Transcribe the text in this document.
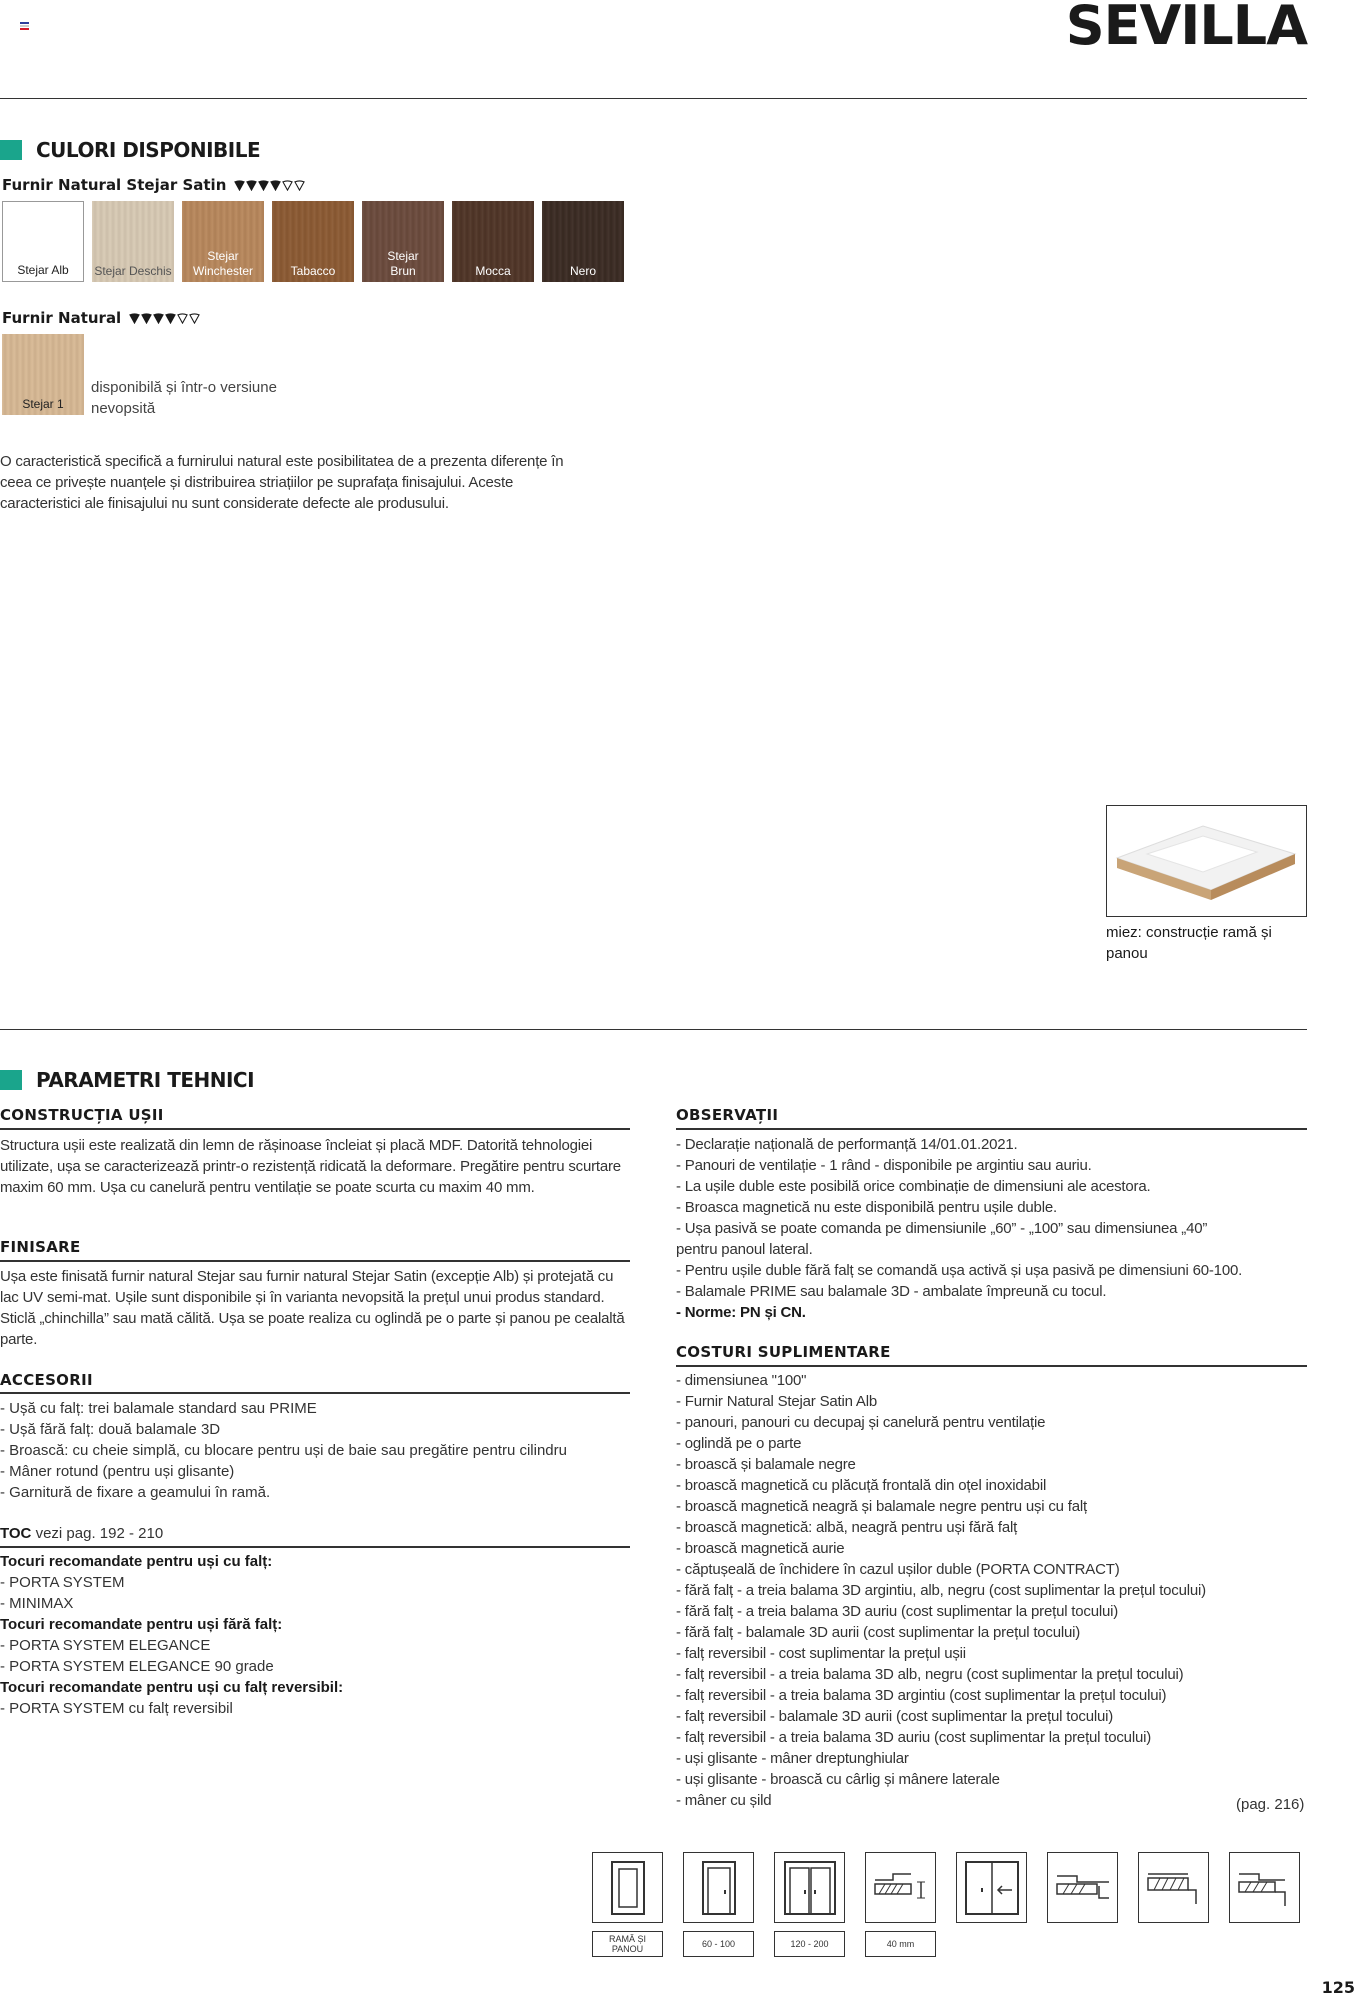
SEVILLA
CULORI DISPONIBILE
Furnir Natural Stejar Satin
Stejar Alb Stejar Deschis
Stejar Winchester	Tabacco
Stejar Brun	Mocca	Nero
Furnir Natural
Stejar 1
disponibilă și într-o versiune nevopsită
O caracteristică specifică a furnirului natural este posibilitatea de a prezenta diferențe în ceea ce privește nuanțele și distribuirea striațiilor pe suprafața finisajului. Aceste caracteristici ale finisajului nu sunt considerate defecte ale produsului.
miez: construcție ramă și panou
PARAMETRI TEHNICI
CONSTRUCȚIA UȘII
Structura ușii este realizată din lemn de rășinoase încleiat și placă MDF. Datorită tehnologiei utilizate, ușa se caracterizează printr-o rezistență ridicată la deformare. Pregătire pentru scurtare maxim 60 mm. Ușa cu canelură pentru ventilație se poate scurta cu maxim 40 mm.
FINISARE
Ușa este finisată furnir natural Stejar sau furnir natural Stejar Satin (excepție Alb) și protejată cu lac UV semi-mat. Ușile sunt disponibile și în varianta nevopsită la prețul unui produs standard. Sticlă „chinchilla” sau mată călită. Ușa se poate realiza cu oglindă pe o parte și panou pe cealaltă parte.
ACCESORII
- Ușă cu falț: trei balamale standard sau PRIME
- Ușă fără falț: două balamale 3D
- Broască: cu cheie simplă, cu blocare pentru uși de baie sau pregătire pentru cilindru
- Mâner rotund (pentru uși glisante)
- Garnitură de fixare a geamului în ramă.
TOC vezi pag. 192 - 210
Tocuri recomandate pentru uși cu falț:
- PORTA SYSTEM
- MINIMAX
Tocuri recomandate pentru uși fără falț:
- PORTA SYSTEM ELEGANCE
- PORTA SYSTEM ELEGANCE 90 grade
Tocuri recomandate pentru uși cu falț reversibil:
- PORTA SYSTEM cu falț reversibil
OBSERVAȚII
- Declarație națională de performanță 14/01.01.2021.
- Panouri de ventilație - 1 rând - disponibile pe argintiu sau auriu.
- La ușile duble este posibilă orice combinație de dimensiuni ale acestora.
- Broasca magnetică nu este disponibilă pentru ușile duble.
- Ușa pasivă se poate comanda pe dimensiunile „60” - „100” sau dimensiunea „40”
pentru panoul lateral.
- Pentru ușile duble fără falț se comandă ușa activă și ușa pasivă pe dimensiuni 60-100.
- Balamale PRIME sau balamale 3D - ambalate împreună cu tocul.
- Norme: PN și CN.
COSTURI SUPLIMENTARE
- dimensiunea "100"
- Furnir Natural Stejar Satin Alb
- panouri, panouri cu decupaj și canelură pentru ventilație
- oglindă pe o parte
- broască și balamale negre
- broască magnetică cu plăcuță frontală din oțel inoxidabil
- broască magnetică neagră și balamale negre pentru uși cu falț
- broască magnetică: albă, neagră pentru uși fără falț
- broască magnetică aurie
- căptușeală de închidere în cazul ușilor duble (PORTA CONTRACT)
- fără falț - a treia balama 3D argintiu, alb, negru (cost suplimentar la prețul tocului)
- fără falț - a treia balama 3D auriu (cost suplimentar la prețul tocului)
- fără falț - balamale 3D aurii (cost suplimentar la prețul tocului)
- falț reversibil - cost suplimentar la prețul ușii
- falț reversibil - a treia balama 3D alb, negru (cost suplimentar la prețul tocului)
- falț reversibil - a treia balama 3D argintiu (cost suplimentar la prețul tocului)
- falț reversibil - balamale 3D aurii (cost suplimentar la prețul tocului)
- falț reversibil - a treia balama 3D auriu (cost suplimentar la prețul tocului)
- uși glisante - mâner dreptunghiular
- uși glisante - broască cu cârlig și mânere laterale
- mâner cu șild	(pag. 216)
RAMĂ ȘI PANOU	60 - 100	120 - 200	40 mm
125
